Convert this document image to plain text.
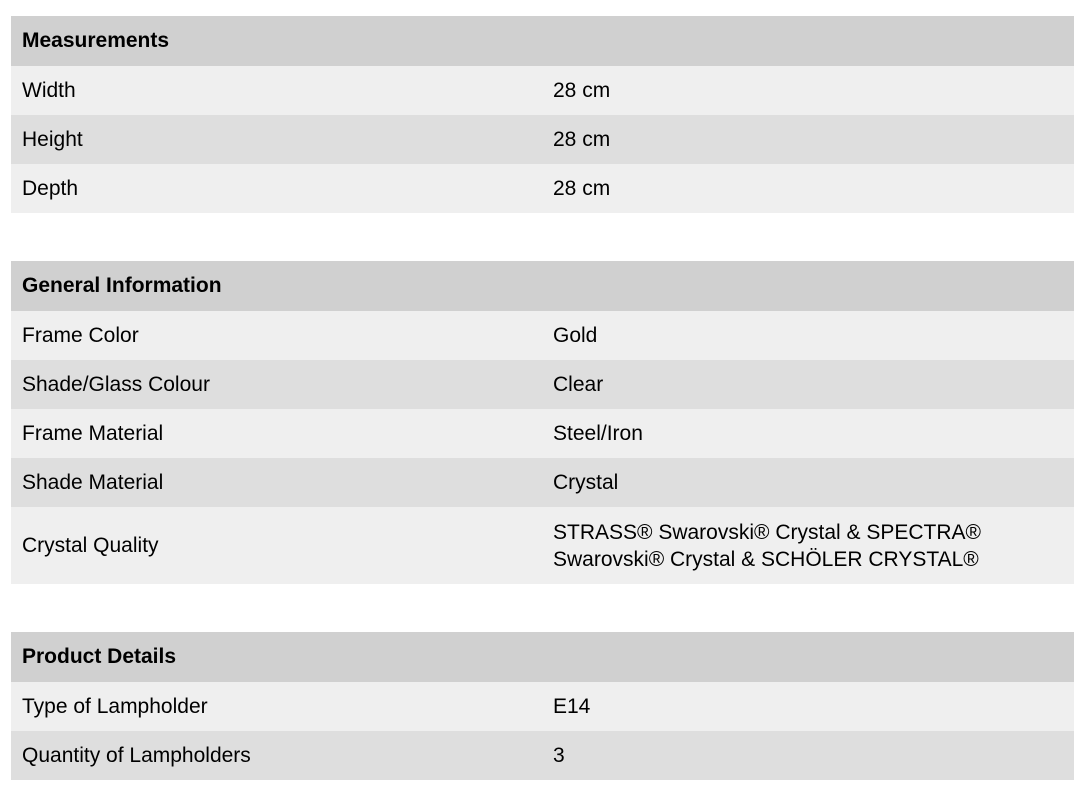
Measurements	
Width	28 cm
Height	28 cm
Depth	28 cm
General Information	
Frame Color	Gold
Shade/Glass Colour	Clear
Frame Material	Steel/Iron
Shade Material	Crystal
Crystal Quality	STRASS® Swarovski® Crystal & SPECTRA®
Swarovski® Crystal & SCHÖLER CRYSTAL®
Product Details	
Type of Lampholder	E14
Quantity of Lampholders	3
